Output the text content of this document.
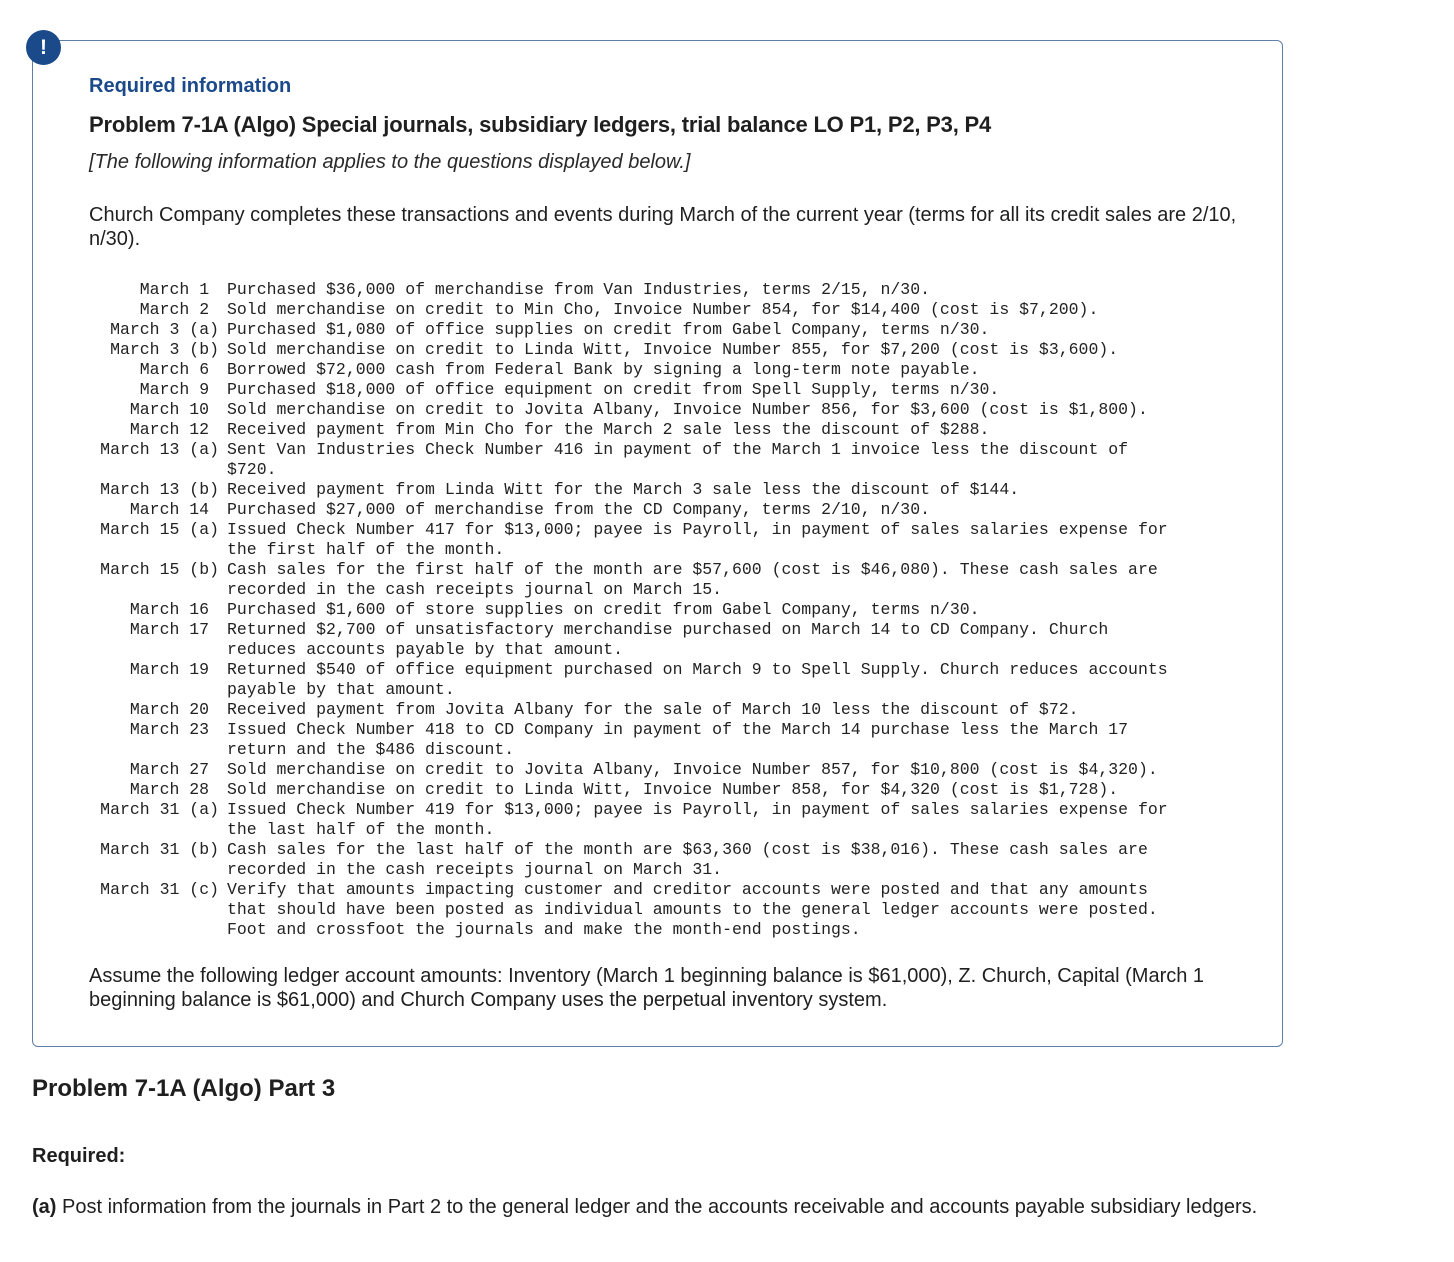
!
Required information
Problem 7-1A (Algo) Special journals, subsidiary ledgers, trial balance LO P1, P2, P3, P4

[The following information applies to the questions displayed below.]

Church Company completes these transactions and events during March of the current year (terms for all its credit sales are 2/10, n/30).

March 1 Purchased $36,000 of merchandise from Van Industries, terms 2/15, n/30.
March 2 Sold merchandise on credit to Min Cho, Invoice Number 854, for $14,400 (cost is $7,200).
March 3 (a) Purchased $1,080 of office supplies on credit from Gabel Company, terms n/30.
March 3 (b) Sold merchandise on credit to Linda Witt, Invoice Number 855, for $7,200 (cost is $3,600).
March 6 Borrowed $72,000 cash from Federal Bank by signing a long-term note payable.
March 9 Purchased $18,000 of office equipment on credit from Spell Supply, terms n/30.
March 10 Sold merchandise on credit to Jovita Albany, Invoice Number 856, for $3,600 (cost is $1,800).
March 12 Received payment from Min Cho for the March 2 sale less the discount of $288.
March 13 (a) Sent Van Industries Check Number 416 in payment of the March 1 invoice less the discount of
$720.
March 13 (b) Received payment from Linda Witt for the March 3 sale less the discount of $144.
March 14 Purchased $27,000 of merchandise from the CD Company, terms 2/10, n/30.
March 15 (a) Issued Check Number 417 for $13,000; payee is Payroll, in payment of sales salaries expense for
the first half of the month.
March 15 (b) Cash sales for the first half of the month are $57,600 (cost is $46,080). These cash sales are
recorded in the cash receipts journal on March 15.
March 16 Purchased $1,600 of store supplies on credit from Gabel Company, terms n/30.
March 17 Returned $2,700 of unsatisfactory merchandise purchased on March 14 to CD Company. Church
reduces accounts payable by that amount.
March 19 Returned $540 of office equipment purchased on March 9 to Spell Supply. Church reduces accounts
payable by that amount.
March 20 Received payment from Jovita Albany for the sale of March 10 less the discount of $72.
March 23 Issued Check Number 418 to CD Company in payment of the March 14 purchase less the March 17
return and the $486 discount.
March 27 Sold merchandise on credit to Jovita Albany, Invoice Number 857, for $10,800 (cost is $4,320).
March 28 Sold merchandise on credit to Linda Witt, Invoice Number 858, for $4,320 (cost is $1,728).
March 31 (a) Issued Check Number 419 for $13,000; payee is Payroll, in payment of sales salaries expense for
the last half of the month.
March 31 (b) Cash sales for the last half of the month are $63,360 (cost is $38,016). These cash sales are
recorded in the cash receipts journal on March 31.
March 31 (c) Verify that amounts impacting customer and creditor accounts were posted and that any amounts
that should have been posted as individual amounts to the general ledger accounts were posted.
Foot and crossfoot the journals and make the month-end postings.

Assume the following ledger account amounts: Inventory (March 1 beginning balance is $61,000), Z. Church, Capital (March 1 beginning balance is $61,000) and Church Company uses the perpetual inventory system.

Problem 7-1A (Algo) Part 3

Required:

(a) Post information from the journals in Part 2 to the general ledger and the accounts receivable and accounts payable subsidiary ledgers.
